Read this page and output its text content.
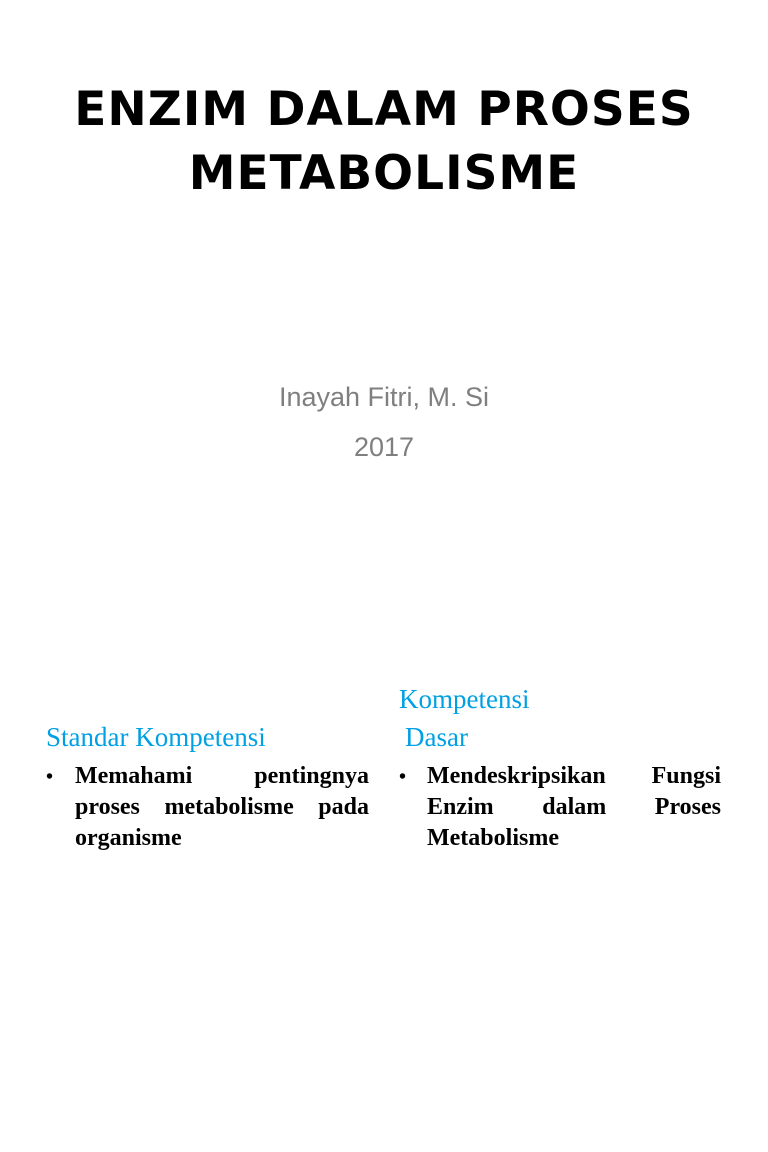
ENZIM DALAM PROSES
METABOLISME
Inayah Fitri, M. Si
2017
Standar Kompetensi
Kompetensi
Dasar
• Memahami pentingnya proses metabolisme pada organisme
• Mendeskripsikan Fungsi Enzim dalam Proses Metabolisme
